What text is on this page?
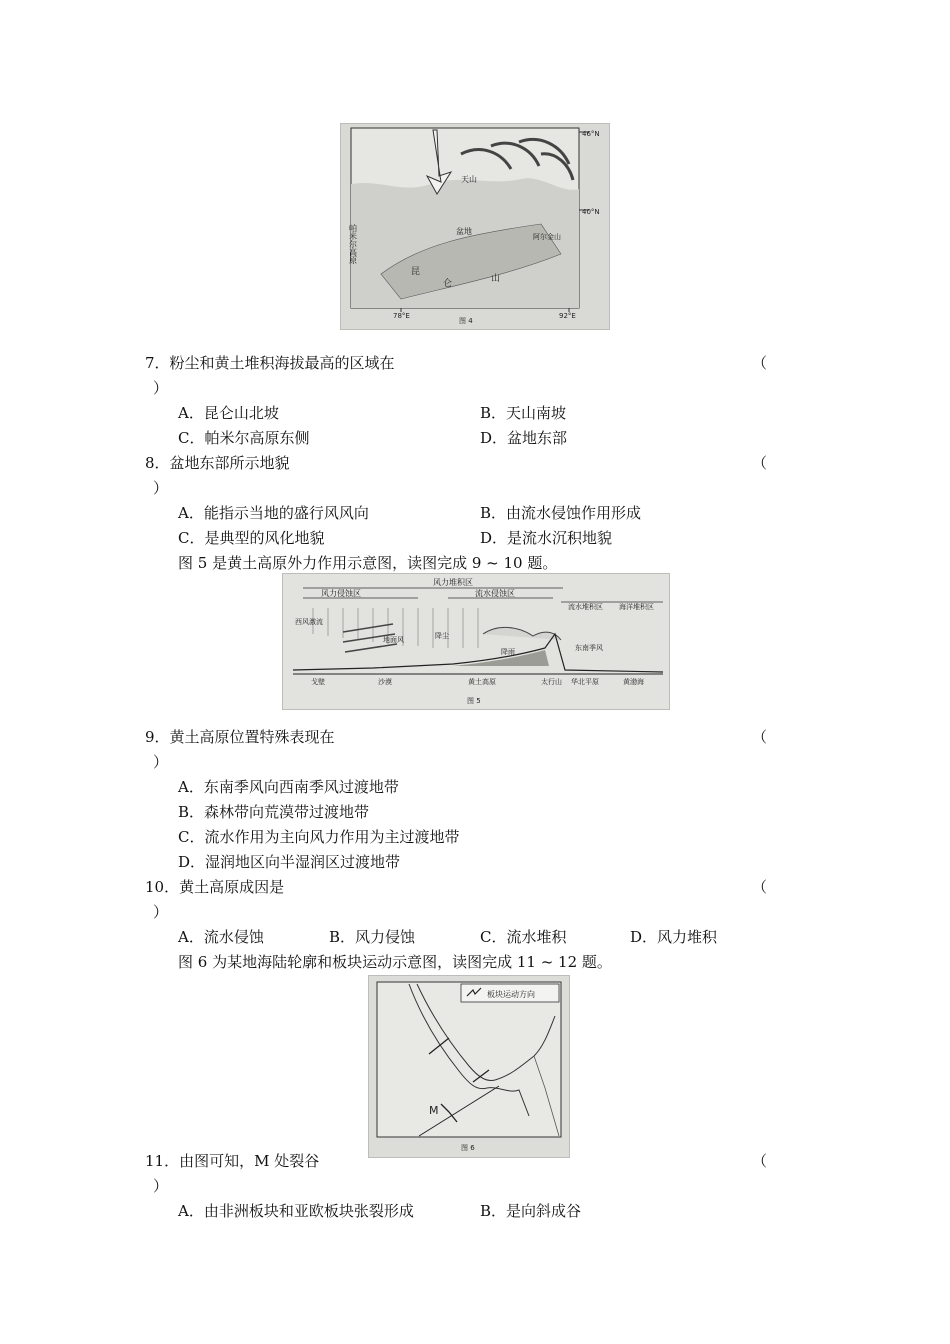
46°N
40°N
78°E	92°E
帕米尔高原
天山
盆地
阿尔金山
昆
仑	山
图 4
7．粉尘和黄土堆积海拔最高的区域在	（
）
A．昆仑山北坡	B．天山南坡
C．帕米尔高原东侧	D．盆地东部
8．盆地东部所示地貌	（
）
A．能指示当地的盛行风风向	B．由流水侵蚀作用形成
C．是典型的风化地貌	D．是流水沉积地貌
图 5 是黄土高原外力作用示意图，读图完成 9 ~ 10 题。
风力堆积区
风力侵蚀区	流水侵蚀区
流水堆积区 海洋堆积区
西风激流
地面风	降尘
降雨	东南季风
戈壁	沙漠	黄土高原	太行山 华北平原	黄渤海
图 5
9．黄土高原位置特殊表现在	（
）
A．东南季风向西南季风过渡地带
B．森林带向荒漠带过渡地带
C．流水作用为主向风力作用为主过渡地带
D．湿润地区向半湿润区过渡地带
10．黄土高原成因是	（
）
A．流水侵蚀	B．风力侵蚀	C．流水堆积	D．风力堆积
图 6 为某地海陆轮廓和板块运动示意图，读图完成 11 ~ 12 题。
板块运动方向
M
图 6
11．由图可知，M 处裂谷	（
）
A．由非洲板块和亚欧板块张裂形成	B．是向斜成谷
